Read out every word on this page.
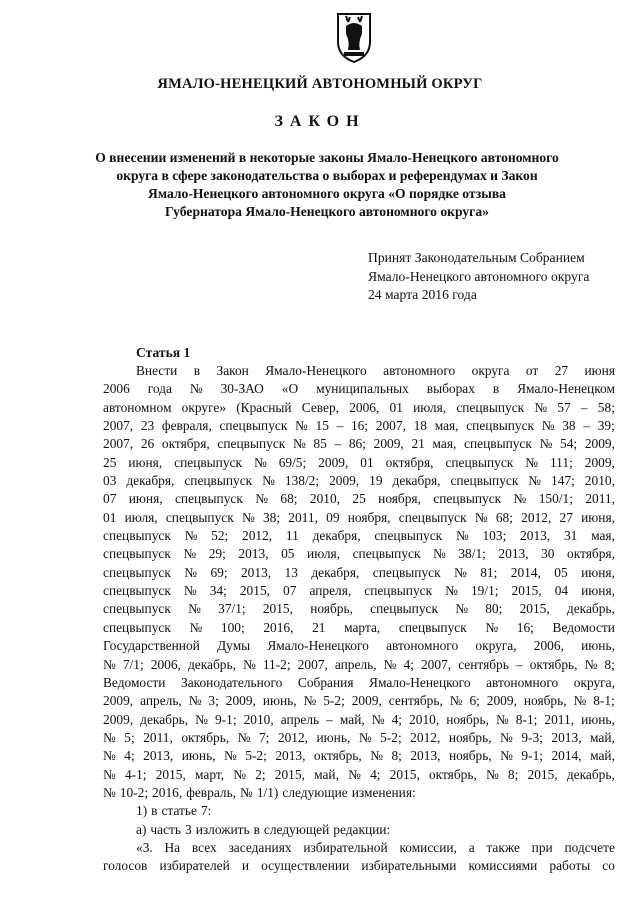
ЯМАЛО-НЕНЕЦКИЙ АВТОНОМНЫЙ ОКРУГ
ЗАКОН
О внесении изменений в некоторые законы Ямало-Ненецкого автономного
округа в сфере законодательства о выборах и референдумах и Закон
Ямало-Ненецкого автономного округа «О порядке отзыва
Губернатора Ямало-Ненецкого автономного округа»
Принят Законодательным Собранием
Ямало-Ненецкого автономного округа
24 марта 2016 года
Статья 1
Внести в Закон Ямало-Ненецкого автономного округа от 27 июня
2006 года № 30-ЗАО «О муниципальных выборах в Ямало-Ненецком
автономном округе» (Красный Север, 2006, 01 июля, спецвыпуск № 57 – 58;
2007, 23 февраля, спецвыпуск № 15 – 16; 2007, 18 мая, спецвыпуск № 38 – 39;
2007, 26 октября, спецвыпуск № 85 – 86; 2009, 21 мая, спецвыпуск № 54; 2009,
25 июня, спецвыпуск № 69/5; 2009, 01 октября, спецвыпуск № 111; 2009,
03 декабря, спецвыпуск № 138/2; 2009, 19 декабря, спецвыпуск № 147; 2010,
07 июня, спецвыпуск № 68; 2010, 25 ноября, спецвыпуск № 150/1; 2011,
01 июля, спецвыпуск № 38; 2011, 09 ноября, спецвыпуск № 68; 2012, 27 июня,
спецвыпуск № 52; 2012, 11 декабря, спецвыпуск № 103; 2013, 31 мая,
спецвыпуск № 29; 2013, 05 июля, спецвыпуск № 38/1; 2013, 30 октября,
спецвыпуск № 69; 2013, 13 декабря, спецвыпуск № 81; 2014, 05 июня,
спецвыпуск № 34; 2015, 07 апреля, спецвыпуск № 19/1; 2015, 04 июня,
спецвыпуск № 37/1; 2015, ноябрь, спецвыпуск № 80; 2015, декабрь,
спецвыпуск № 100; 2016, 21 марта, спецвыпуск № 16; Ведомости
Государственной Думы Ямало-Ненецкого автономного округа, 2006, июнь,
№ 7/1; 2006, декабрь, № 11-2; 2007, апрель, № 4; 2007, сентябрь – октябрь, № 8;
Ведомости Законодательного Собрания Ямало-Ненецкого автономного округа,
2009, апрель, № 3; 2009, июнь, № 5-2; 2009, сентябрь, № 6; 2009, ноябрь, № 8-1;
2009, декабрь, № 9-1; 2010, апрель – май, № 4; 2010, ноябрь, № 8-1; 2011, июнь,
№ 5; 2011, октябрь, № 7; 2012, июнь, № 5-2; 2012, ноябрь, № 9-3; 2013, май,
№ 4; 2013, июнь, № 5-2; 2013, октябрь, № 8; 2013, ноябрь, № 9-1; 2014, май,
№ 4-1; 2015, март, № 2; 2015, май, № 4; 2015, октябрь, № 8; 2015, декабрь,
№ 10-2; 2016, февраль, № 1/1) следующие изменения:
1) в статье 7:
а) часть 3 изложить в следующей редакции:
«3. На всех заседаниях избирательной комиссии, а также при подсчете
голосов избирателей и осуществлении избирательными комиссиями работы со
